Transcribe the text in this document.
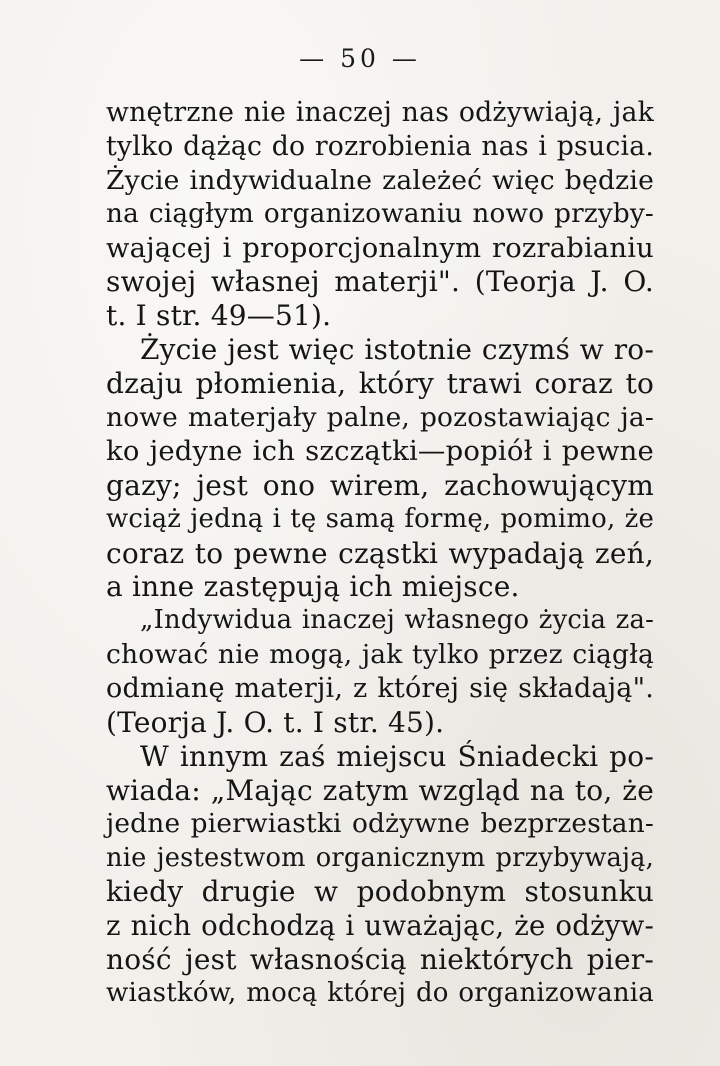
— 50 —
wnętrzne nie inaczej nas odżywiają, jak
tylko dążąc do rozrobienia nas i psucia.
Życie indywidualne zależeć więc będzie
na ciągłym organizowaniu nowo przyby-
wającej i proporcjonalnym rozrabianiu
swojej własnej materji". (Teorja J. O.
t. I str. 49—51).
Życie jest więc istotnie czymś w ro-
dzaju płomienia, który trawi coraz to
nowe materjały palne, pozostawiając ja-
ko jedyne ich szczątki—popiół i pewne
gazy; jest ono wirem, zachowującym
wciąż jedną i tę samą formę, pomimo, że
coraz to pewne cząstki wypadają zeń,
a inne zastępują ich miejsce.
„Indywidua inaczej własnego życia za-
chować nie mogą, jak tylko przez ciągłą
odmianę materji, z której się składają".
(Teorja J. O. t. I str. 45).
W innym zaś miejscu Śniadecki po-
wiada: „Mając zatym wzgląd na to, że
jedne pierwiastki odżywne bezprzestan-
nie jestestwom organicznym przybywają,
kiedy drugie w podobnym stosunku
z nich odchodzą i uważając, że odżyw-
ność jest własnością niektórych pier-
wiastków, mocą której do organizowania
